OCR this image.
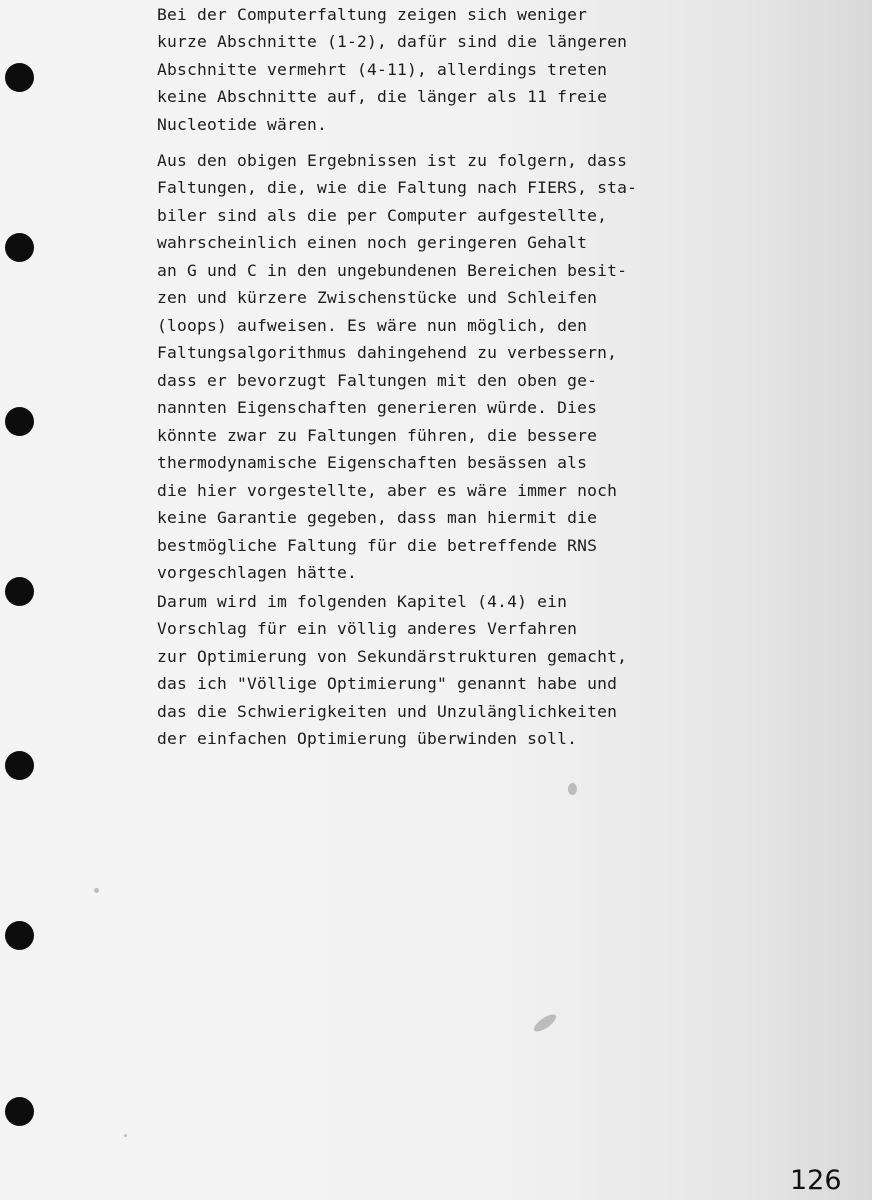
Bei der Computerfaltung zeigen sich weniger

kurze Abschnitte (1-2), dafür sind die längeren

Abschnitte vermehrt (4-11), allerdings treten

keine Abschnitte auf, die länger als 11 freie

Nucleotide wären.

Aus den obigen Ergebnissen ist zu folgern, dass

Faltungen, die, wie die Faltung nach FIERS, sta-

biler sind als die per Computer aufgestellte,

wahrscheinlich einen noch geringeren Gehalt

an G und C in den ungebundenen Bereichen besit-

zen und kürzere Zwischenstücke und Schleifen

(loops) aufweisen. Es wäre nun möglich, den

Faltungsalgorithmus dahingehend zu verbessern,

dass er bevorzugt Faltungen mit den oben ge-

nannten Eigenschaften generieren würde. Dies

könnte zwar zu Faltungen führen, die bessere

thermodynamische Eigenschaften besässen als

die hier vorgestellte, aber es wäre immer noch

keine Garantie gegeben, dass man hiermit die

bestmögliche Faltung für die betreffende RNS

vorgeschlagen hätte.

Darum wird im folgenden Kapitel (4.4) ein

Vorschlag für ein völlig anderes Verfahren

zur Optimierung von Sekundärstrukturen gemacht,

das ich "Völlige Optimierung" genannt habe und

das die Schwierigkeiten und Unzulänglichkeiten

der einfachen Optimierung überwinden soll.

126
